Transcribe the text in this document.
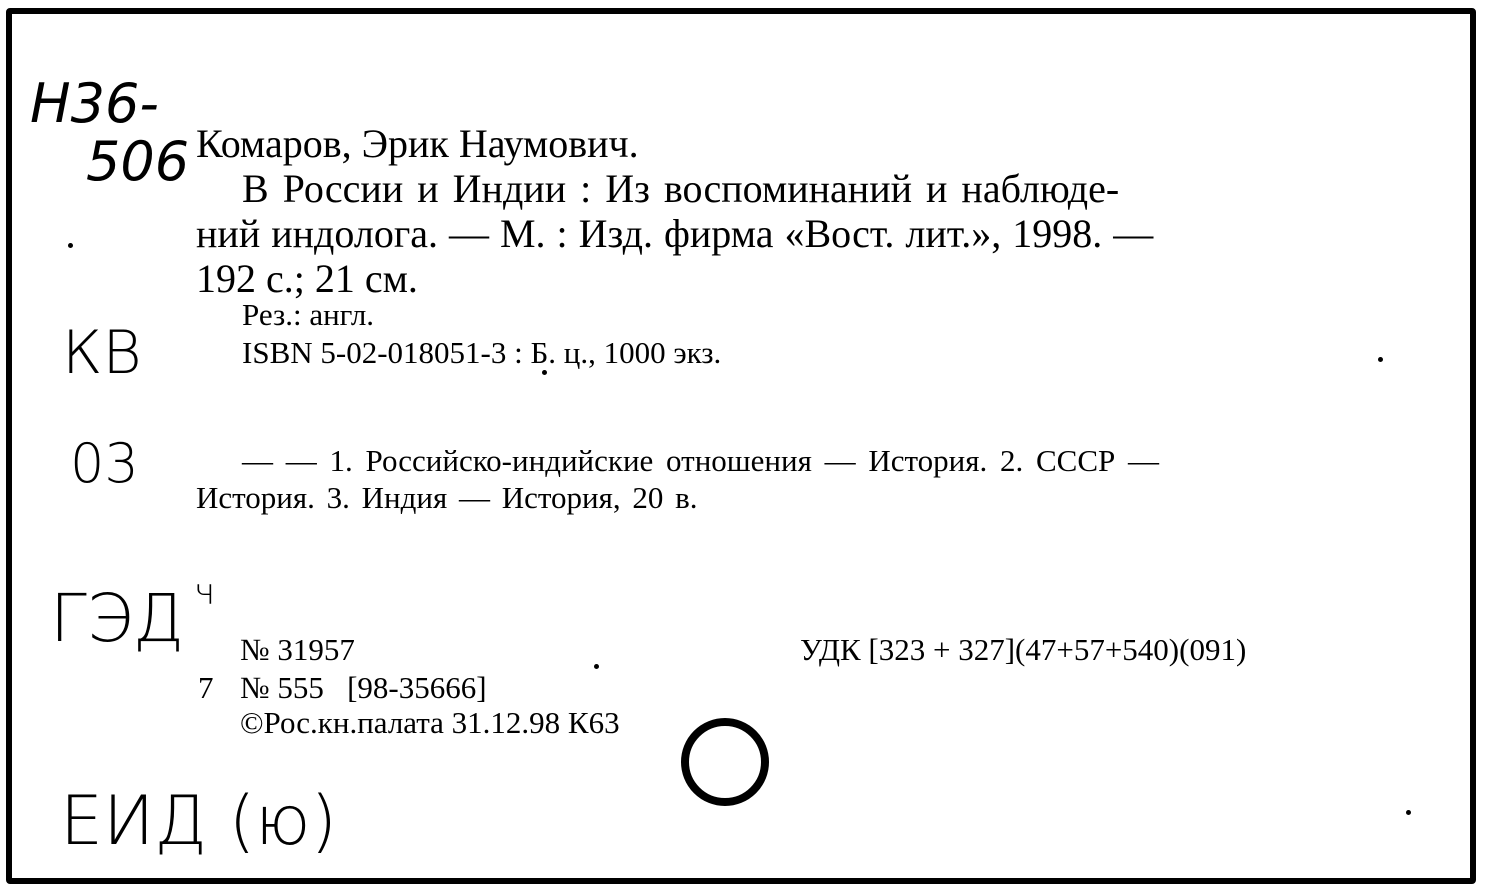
Н36-
506
КВ
03
ГЭД ч
ЕИД (ю)
Комаров, Эрик Наумович.
В России и Индии : Из воспоминаний и наблюде-
ний индолога. — М. : Изд. фирма «Вост. лит.», 1998. —
192 с.; 21 см.
Рез.: англ.
ISBN 5-02-018051-3 : Б. ц., 1000 экз.
— — 1. Российско-индийские отношения — История. 2. СССР —
История. 3. Индия — История, 20 в.
№ 31957	УДК [323 + 327](47+57+540)(091)
7 № 555   [98-35666]
©Рос.кн.палата 31.12.98 К63
